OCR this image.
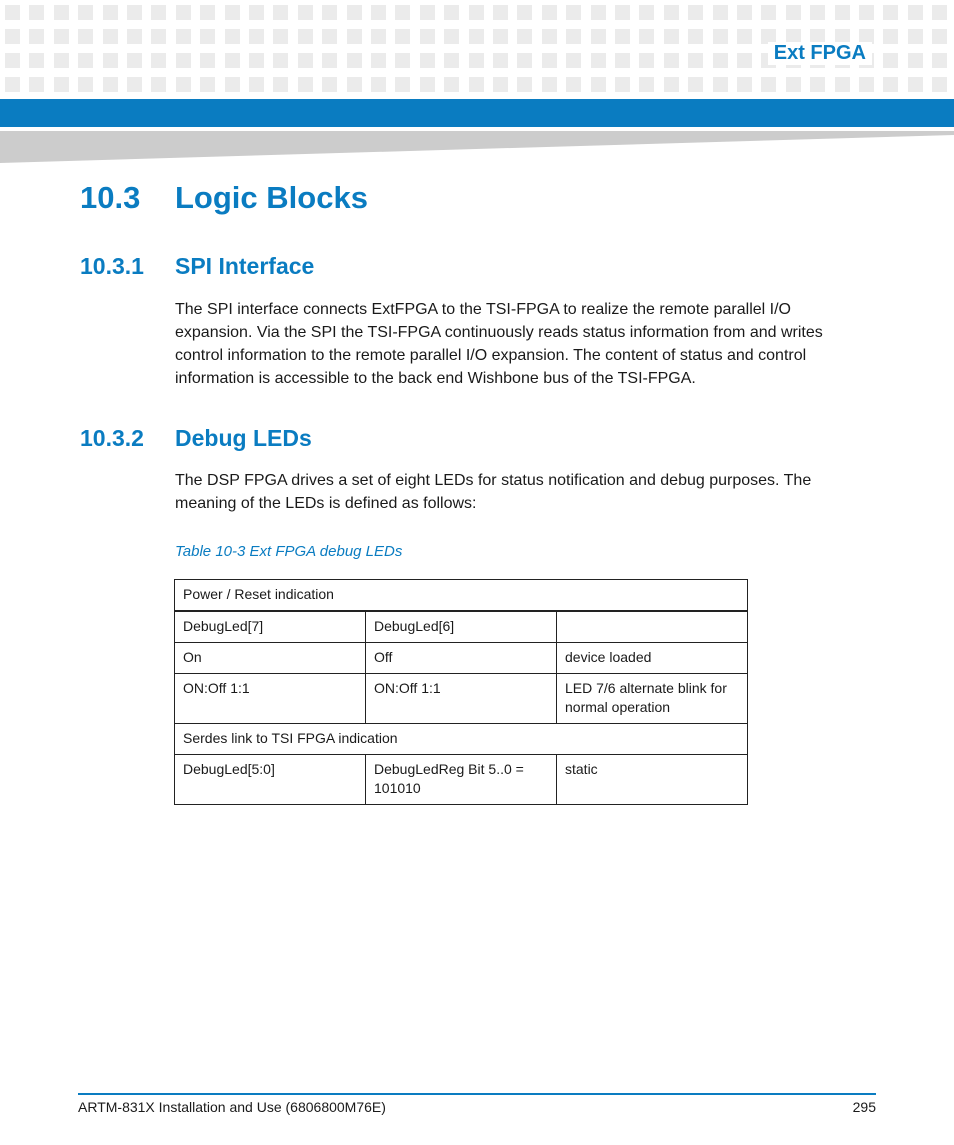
Ext FPGA
10.3 Logic Blocks
10.3.1 SPI Interface

The SPI interface connects ExtFPGA to the TSI-FPGA to realize the remote parallel I/O expansion. Via the SPI the TSI-FPGA continuously reads status information from and writes control information to the remote parallel I/O expansion. The content of status and control information is accessible to the back end Wishbone bus of the TSI-FPGA.

10.3.2 Debug LEDs

The DSP FPGA drives a set of eight LEDs for status notification and debug purposes. The meaning of the LEDs is defined as follows:

Table 10-3 Ext FPGA debug LEDs
Power / Reset indication		
DebugLed[7]	DebugLed[6]	
On	Off	device loaded
ON:Off 1:1	ON:Off 1:1	LED 7/6 alternate blink for normal operation
Serdes link to TSI FPGA indication		
DebugLed[5:0]	DebugLedReg Bit 5..0 = 101010	static
ARTM-831X Installation and Use (6806800M76E)	295
